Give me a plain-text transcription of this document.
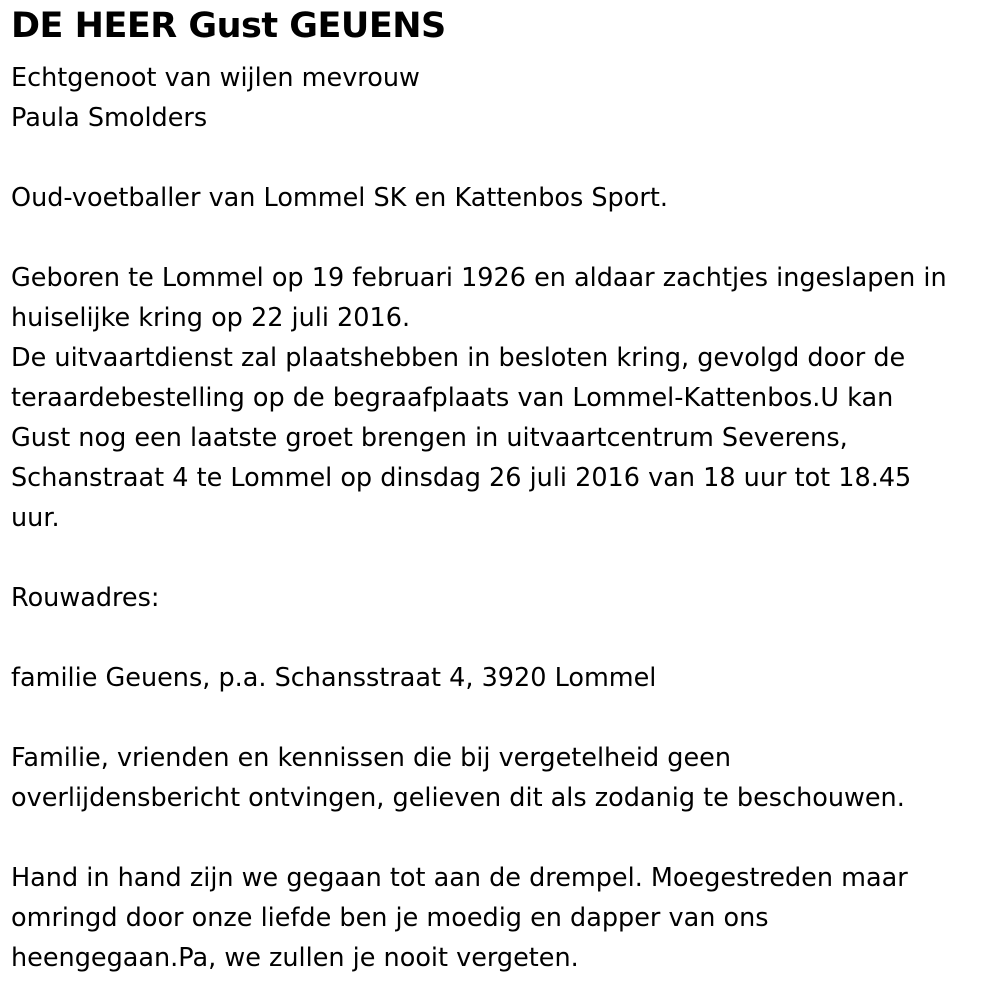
DE HEER Gust GEUENS
Echtgenoot van wijlen mevrouw
Paula Smolders
Oud-voetballer van Lommel SK en Kattenbos Sport.
Geboren te Lommel op 19 februari 1926 en aldaar zachtjes ingeslapen in
huiselijke kring op 22 juli 2016.
De uitvaartdienst zal plaatshebben in besloten kring, gevolgd door de
teraardebestelling op de begraafplaats van Lommel-Kattenbos.U kan
Gust nog een laatste groet brengen in uitvaartcentrum Severens,
Schanstraat 4 te Lommel op dinsdag 26 juli 2016 van 18 uur tot 18.45
uur.
Rouwadres:
familie Geuens, p.a. Schansstraat 4, 3920 Lommel
Familie, vrienden en kennissen die bij vergetelheid geen
overlijdensbericht ontvingen, gelieven dit als zodanig te beschouwen.
Hand in hand zijn we gegaan tot aan de drempel. Moegestreden maar
omringd door onze liefde ben je moedig en dapper van ons
heengegaan.Pa, we zullen je nooit vergeten.
